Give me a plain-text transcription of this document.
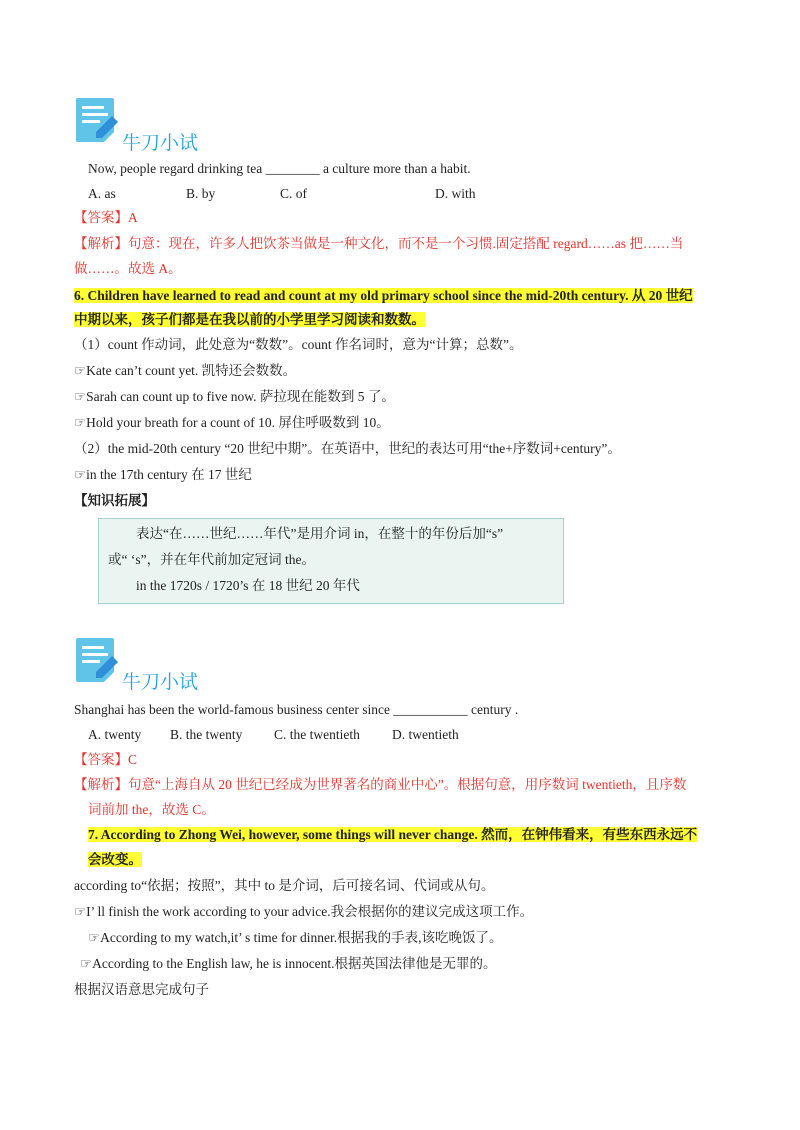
牛刀小试
Now, people regard drinking tea ________ a culture more than a habit.
A. as	B. by	C. of	D. with
【答案】A
【解析】句意：现在，许多人把饮茶当做是一种文化，而不是一个习惯.固定搭配 regard……as 把……当
做……。故选 A。
6. Children have learned to read and count at my old primary school since the mid-20th century. 从 20 世纪
中期以来，孩子们都是在我以前的小学里学习阅读和数数。
（1）count 作动词，此处意为“数数”。count 作名词时，意为“计算；总数”。
☞Kate can’t count yet. 凯特还会数数。
☞Sarah can count up to five now. 萨拉现在能数到 5 了。
☞Hold your breath for a count of 10. 屏住呼吸数到 10。
（2）the mid-20th century “20 世纪中期”。在英语中，世纪的表达可用“the+序数词+century”。
☞in the 17th century 在 17 世纪
【知识拓展】
表达“在……世纪……年代”是用介词 in，在整十的年份后加“s”
或“ ‘s”，并在年代前加定冠词 the。
in the 1720s / 1720’s 在 18 世纪 20 年代
牛刀小试
Shanghai has been the world-famous business center since ___________ century .
A. twenty B. the twenty C. the twentieth D. twentieth
【答案】C
【解析】句意“上海自从 20 世纪已经成为世界著名的商业中心”。根据句意，用序数词 twentieth，且序数
词前加 the，故选 C。
7. According to Zhong Wei, however, some things will never change. 然而，在钟伟看来，有些东西永远不
会改变。
according to“依据；按照”，其中 to 是介词，后可接名词、代词或从句。
☞I’ ll finish the work according to your advice.我会根据你的建议完成这项工作。
☞According to my watch,it’ s time for dinner.根据我的手表,该吃晚饭了。
☞According to the English law, he is innocent.根据英国法律他是无罪的。
根据汉语意思完成句子
